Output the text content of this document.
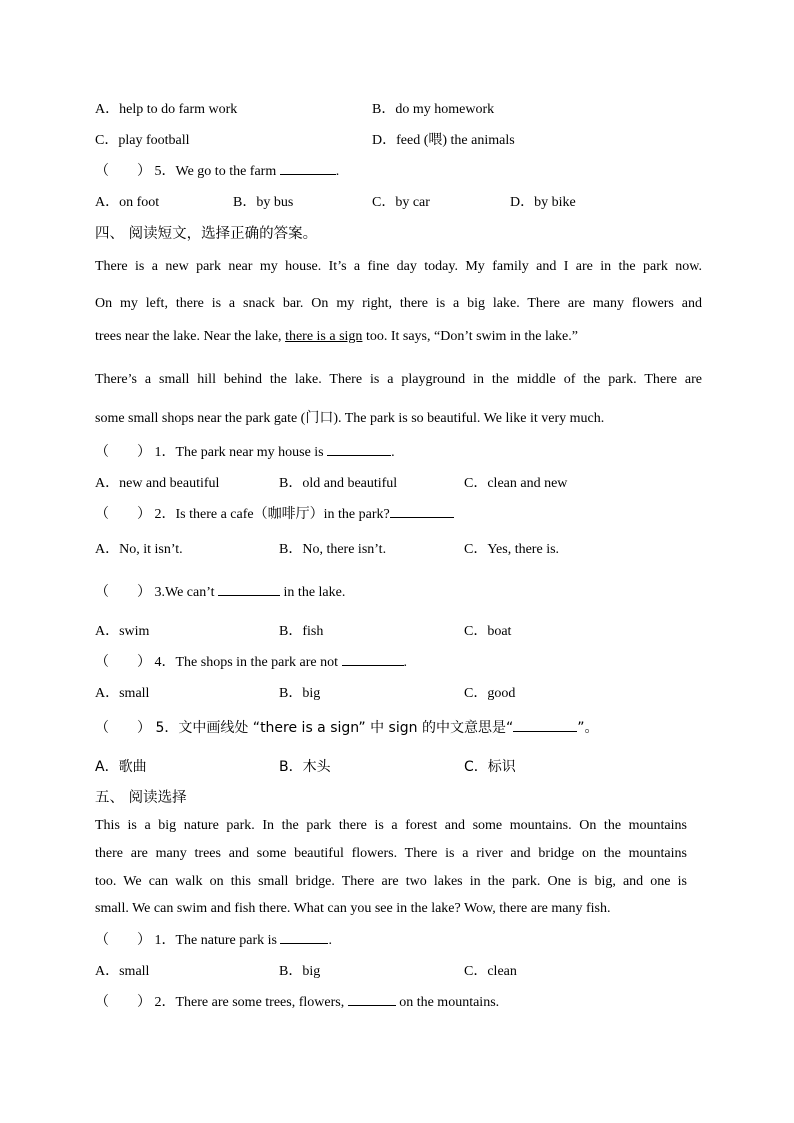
A．help to do farm work	B．do my homework
C．play football	D．feed (喂) the animals
（　　） 5．We go to the farm	.
A．on foot	B．by bus	C．by car	D．by bike
四、 阅读短文，选择正确的答案。
There is a new park near my house. It’s a fine day today. My family and I are in the park now.
On my left, there is a snack bar. On my right, there is a big lake. There are many flowers and
trees near the lake. Near the lake, there is a sign too. It says, “Don’t swim in the lake.”
There’s a small hill behind the lake. There is a playground in the middle of the park. There are
some small shops near the park gate (门口). The park is so beautiful. We like it very much.
（　　） 1．The park near my house is	.
A．new and beautiful	B．old and beautiful	C．clean and new
（　　） 2．Is there a cafe（咖啡厅）in the park?
A．No, it isn’t.	B．No, there isn’t.	C．Yes, there is.
（　　） 3.We can’t	in the lake.
A．swim	B．fish	C．boat
（　　） 4．The shops in the park are not	.
A．small	B．big	C．good
（　　） 5．文中画线处 “there is a sign” 中 sign 的中文意思是“	”。
A．歌曲	B．木头	C．标识
五、 阅读选择
This is a big nature park. In the park there is a forest and some mountains. On the mountains
there are many trees and some beautiful flowers. There is a river and bridge on the mountains
too. We can walk on this small bridge. There are two lakes in the park. One is big, and one is
small. We can swim and fish there. What can you see in the lake? Wow, there are many fish.
（　　） 1．The nature park is	.
A．small	B．big	C．clean
（　　） 2．There are some trees, flowers,	on the mountains.
